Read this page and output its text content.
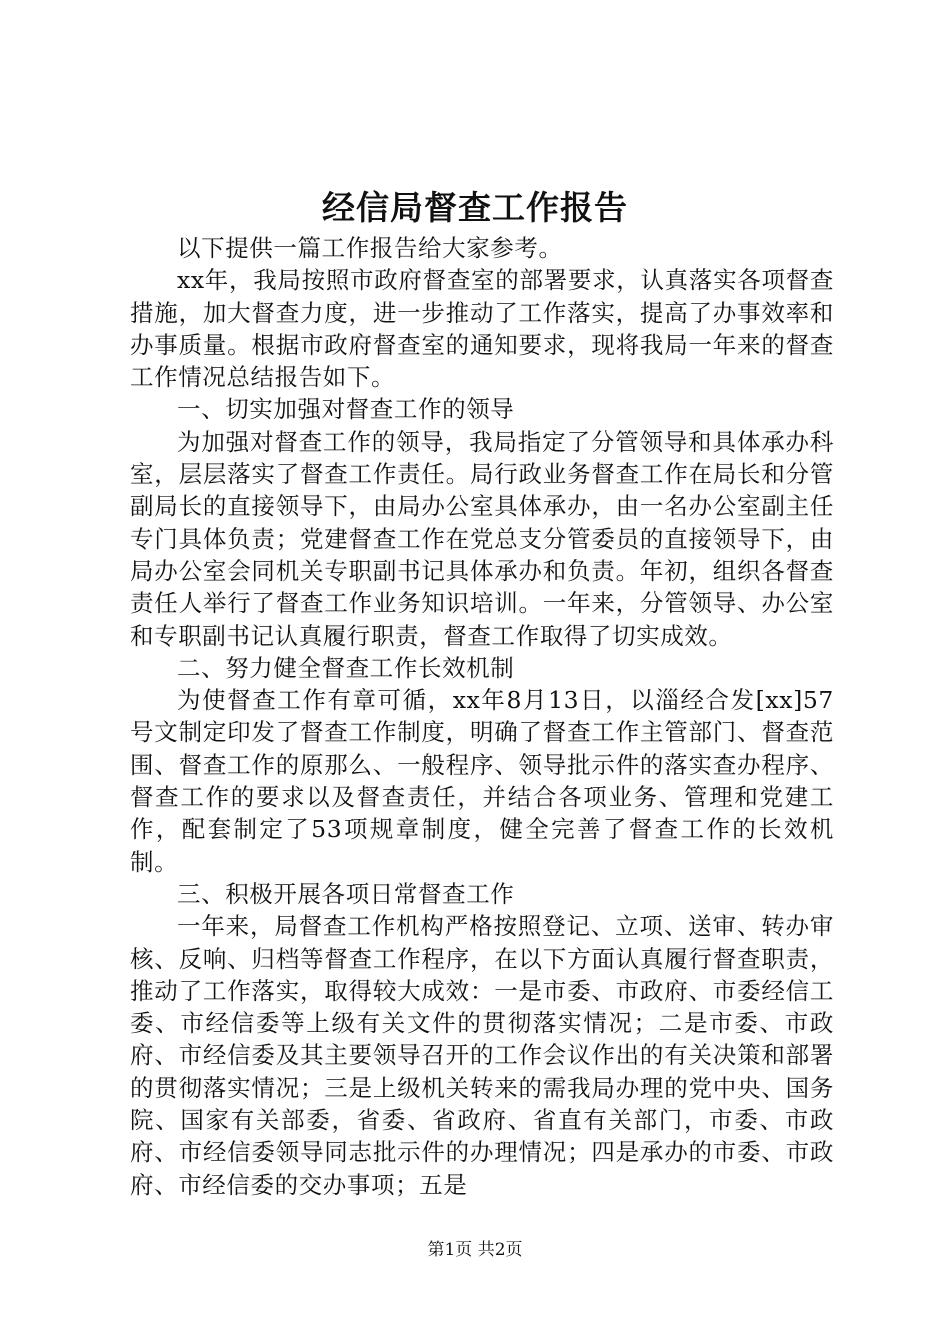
经信局督查工作报告

以下提供一篇工作报告给大家参考。

xx年，我局按照市政府督查室的部署要求，认真落实各项督查措施，加大督查力度，进一步推动了工作落实，提高了办事效率和办事质量。根据市政府督查室的通知要求，现将我局一年来的督查工作情况总结报告如下。

一、切实加强对督查工作的领导

为加强对督查工作的领导，我局指定了分管领导和具体承办科室，层层落实了督查工作责任。局行政业务督查工作在局长和分管副局长的直接领导下，由局办公室具体承办，由一名办公室副主任专门具体负责；党建督查工作在党总支分管委员的直接领导下，由局办公室会同机关专职副书记具体承办和负责。年初，组织各督查责任人举行了督查工作业务知识培训。一年来，分管领导、办公室和专职副书记认真履行职责，督查工作取得了切实成效。

二、努力健全督查工作长效机制

为使督查工作有章可循，xx年8月13日，以淄经合发[xx]57号文制定印发了督查工作制度，明确了督查工作主管部门、督查范围、督查工作的原那么、一般程序、领导批示件的落实查办程序、督查工作的要求以及督查责任，并结合各项业务、管理和党建工作，配套制定了53项规章制度，健全完善了督查工作的长效机制。

三、积极开展各项日常督查工作

一年来，局督查工作机构严格按照登记、立项、送审、转办审核、反响、归档等督查工作程序，在以下方面认真履行督查职责，推动了工作落实，取得较大成效：一是市委、市政府、市委经信工委、市经信委等上级有关文件的贯彻落实情况；二是市委、市政府、市经信委及其主要领导召开的工作会议作出的有关决策和部署的贯彻落实情况；三是上级机关转来的需我局办理的党中央、国务院、国家有关部委，省委、省政府、省直有关部门，市委、市政府、市经信委领导同志批示件的办理情况；四是承办的市委、市政府、市经信委的交办事项；五是

第1页 共2页
